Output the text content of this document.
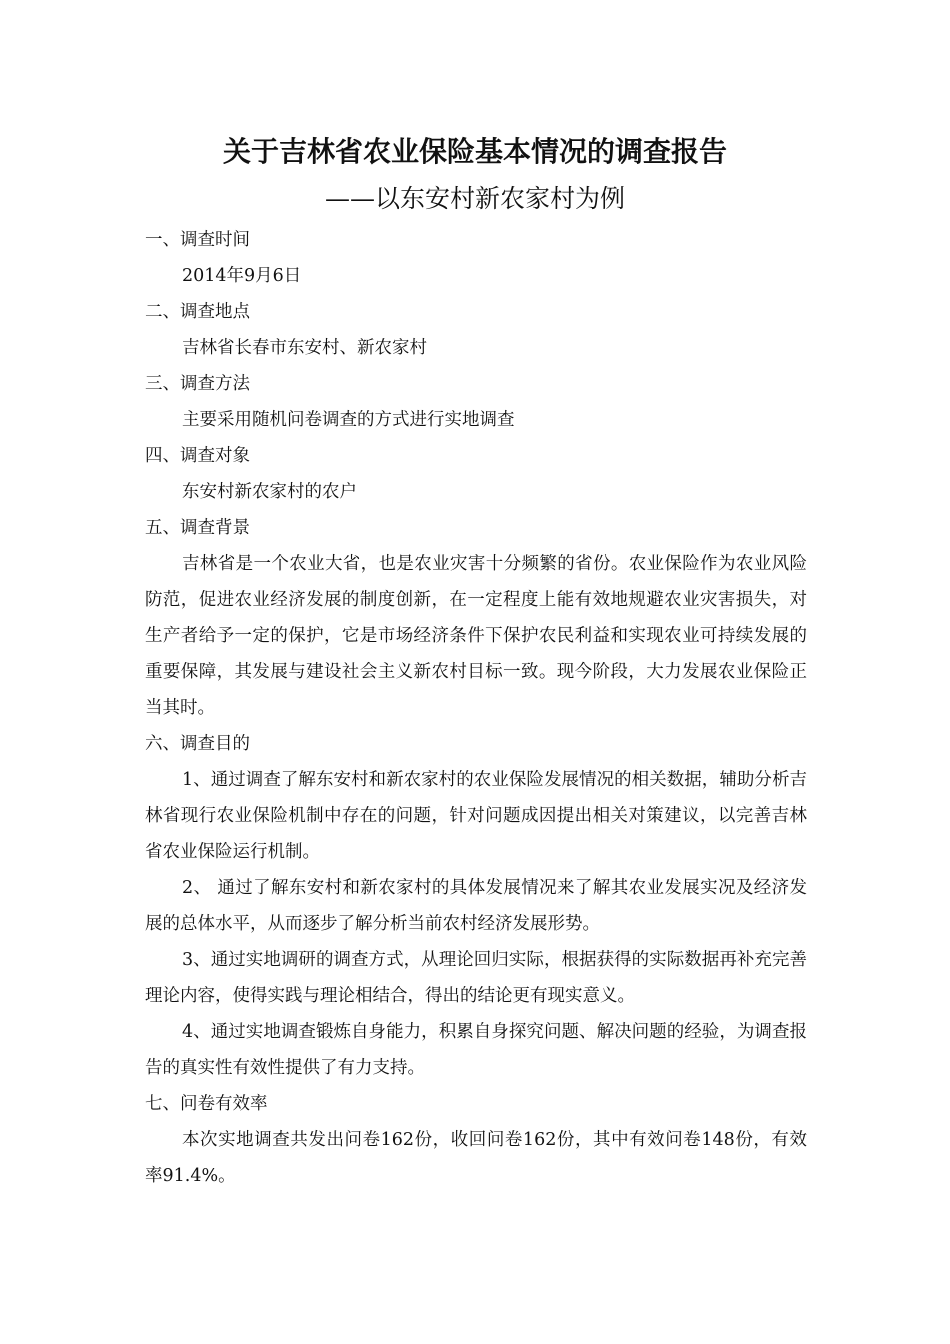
关于吉林省农业保险基本情况的调查报告
——以东安村新农家村为例
一、调查时间
2014年9月6日
二、调查地点
吉林省长春市东安村、新农家村
三、调查方法
主要采用随机问卷调查的方式进行实地调查
四、调查对象
东安村新农家村的农户
五、调查背景
吉林省是一个农业大省，也是农业灾害十分频繁的省份。农业保险作为农业风险防范，促进农业经济发展的制度创新，在一定程度上能有效地规避农业灾害损失，对生产者给予一定的保护，它是市场经济条件下保护农民利益和实现农业可持续发展的重要保障，其发展与建设社会主义新农村目标一致。现今阶段，大力发展农业保险正当其时。
六、调查目的
1、通过调查了解东安村和新农家村的农业保险发展情况的相关数据，辅助分析吉林省现行农业保险机制中存在的问题，针对问题成因提出相关对策建议，以完善吉林省农业保险运行机制。
2、 通过了解东安村和新农家村的具体发展情况来了解其农业发展实况及经济发展的总体水平，从而逐步了解分析当前农村经济发展形势。
3、通过实地调研的调查方式，从理论回归实际，根据获得的实际数据再补充完善理论内容，使得实践与理论相结合，得出的结论更有现实意义。
4、通过实地调查锻炼自身能力，积累自身探究问题、解决问题的经验，为调查报告的真实性有效性提供了有力支持。
七、问卷有效率
本次实地调查共发出问卷162份，收回问卷162份，其中有效问卷148份，有效率91.4%。
